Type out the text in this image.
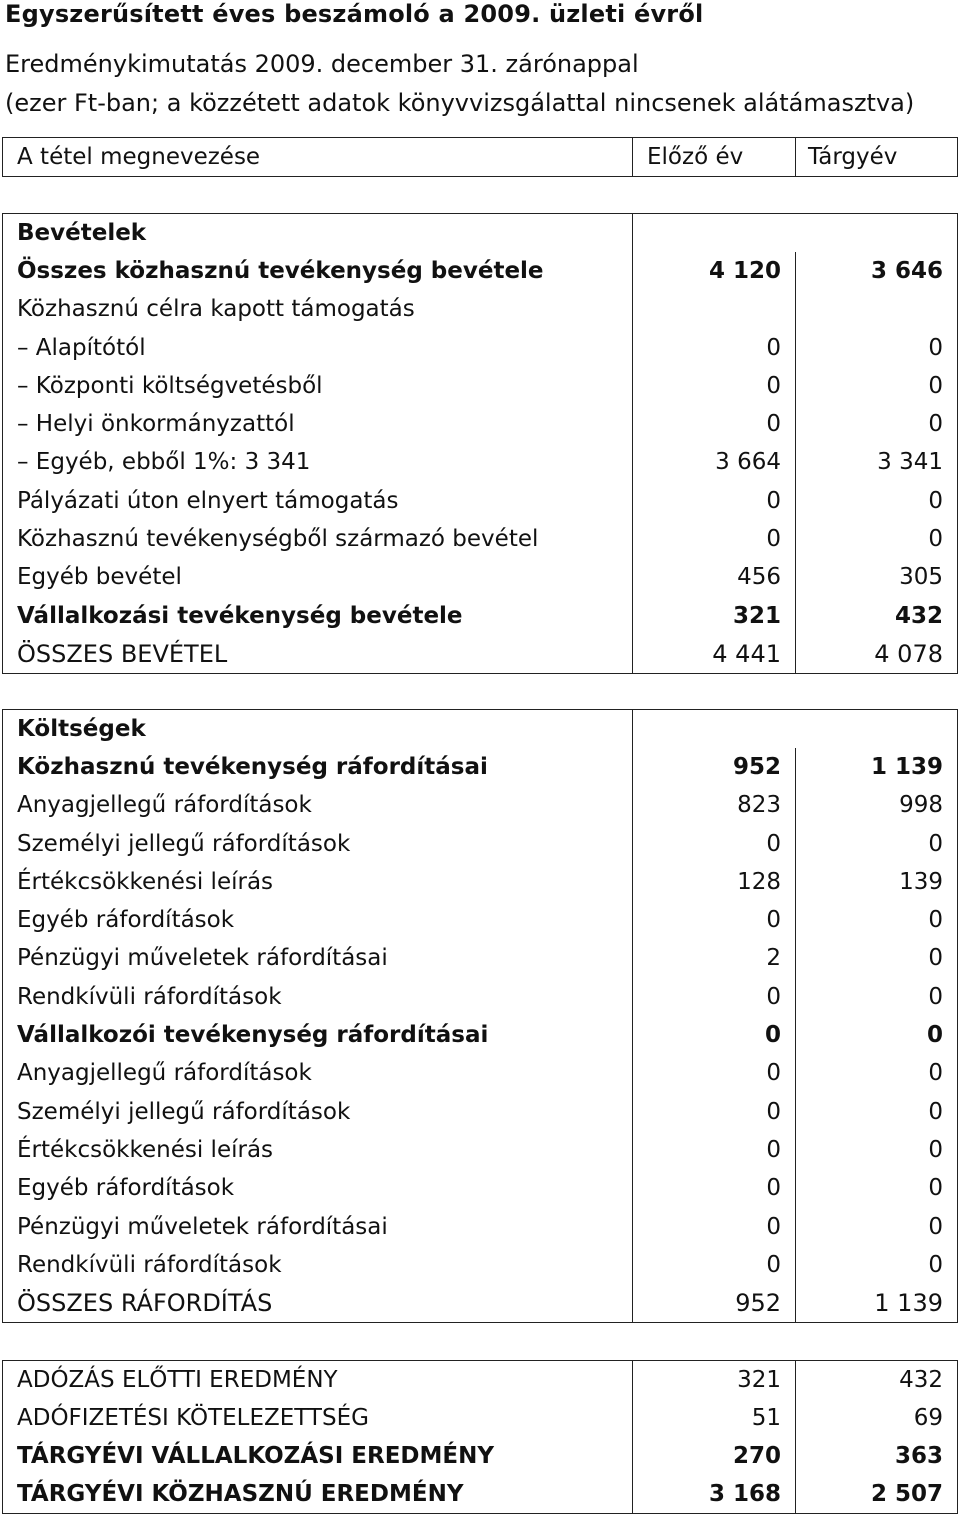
Egyszerűsített éves beszámoló a 2009. üzleti évről
Eredménykimutatás 2009. december 31. zárónappal
(ezer Ft-ban; a közzétett adatok könyvvizsgálattal nincsenek alátámasztva)
A tétel megnevezése	Előző év	Tárgyév
Bevételek		
Összes közhasznú tevékenység bevétele	4 120	3 646
Közhasznú célra kapott támogatás		
– Alapítótól	0	0
– Központi költségvetésből	0	0
– Helyi önkormányzattól	0	0
– Egyéb, ebből 1%: 3 341	3 664	3 341
Pályázati úton elnyert támogatás	0	0
Közhasznú tevékenységből származó bevétel	0	0
Egyéb bevétel	456	305
Vállalkozási tevékenység bevétele	321	432
ÖSSZES BEVÉTEL	4 441	4 078
Költségek		
Közhasznú tevékenység ráfordításai	952	1 139
Anyagjellegű ráfordítások	823	998
Személyi jellegű ráfordítások	0	0
Értékcsökkenési leírás	128	139
Egyéb ráfordítások	0	0
Pénzügyi műveletek ráfordításai	2	0
Rendkívüli ráfordítások	0	0
Vállalkozói tevékenység ráfordításai	0	0
Anyagjellegű ráfordítások	0	0
Személyi jellegű ráfordítások	0	0
Értékcsökkenési leírás	0	0
Egyéb ráfordítások	0	0
Pénzügyi műveletek ráfordításai	0	0
Rendkívüli ráfordítások	0	0
ÖSSZES RÁFORDÍTÁS	952	1 139
ADÓZÁS ELŐTTI EREDMÉNY	321	432
ADÓFIZETÉSI KÖTELEZETTSÉG	51	69
TÁRGYÉVI VÁLLALKOZÁSI EREDMÉNY	270	363
TÁRGYÉVI KÖZHASZNÚ EREDMÉNY	3 168	2 507
